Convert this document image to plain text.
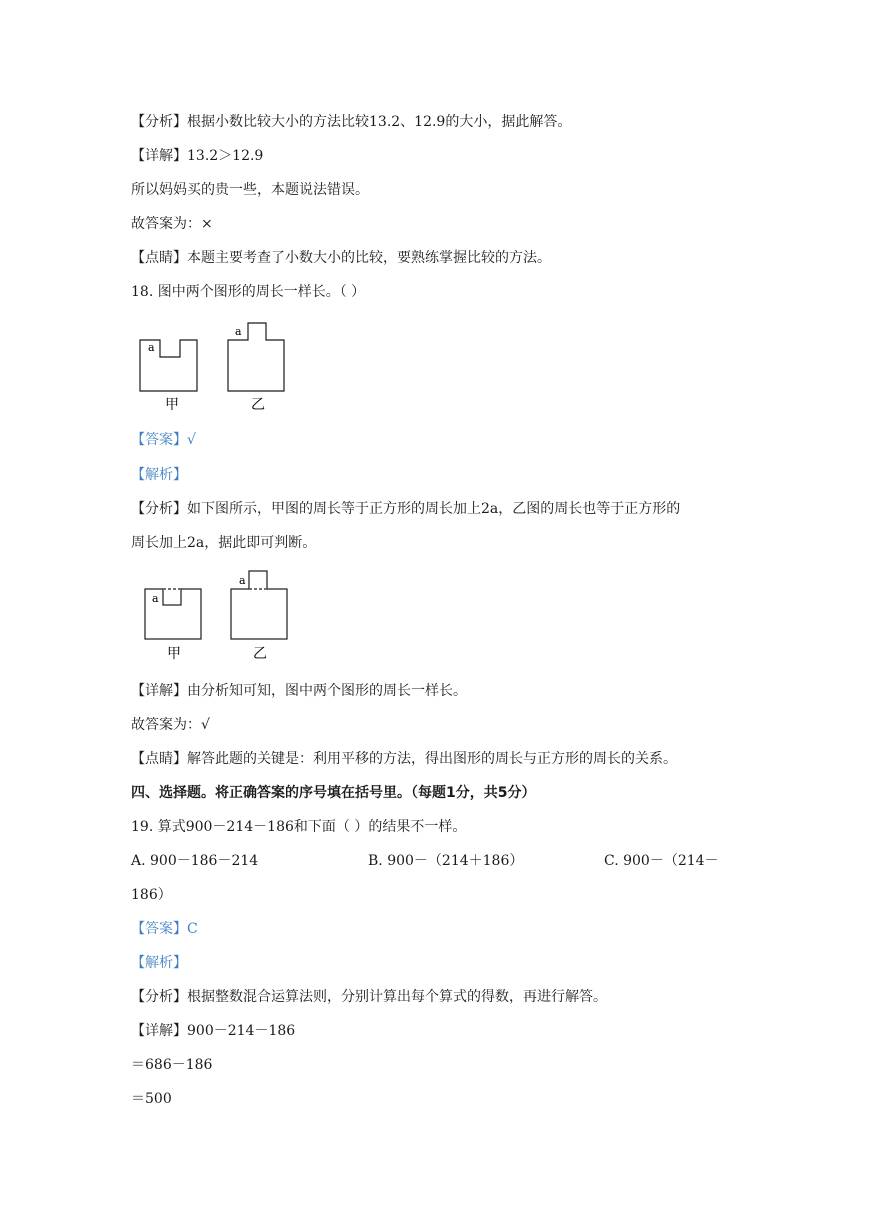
【分析】根据小数比较大小的方法比较13.2、12.9的大小，据此解答。
【详解】13.2＞12.9
所以妈妈买的贵一些，本题说法错误。
故答案为：×
【点睛】本题主要考查了小数大小的比较，要熟练掌握比较的方法。
18. 图中两个图形的周长一样长。（ ）
a
a
甲	乙
【答案】√
【解析】
【分析】如下图所示，甲图的周长等于正方形的周长加上2a，乙图的周长也等于正方形的
周长加上2a，据此即可判断。
a
a
甲	乙
【详解】由分析知可知，图中两个图形的周长一样长。
故答案为：√
【点睛】解答此题的关键是：利用平移的方法，得出图形的周长与正方形的周长的关系。
四、选择题。将正确答案的序号填在括号里。（每题1分，共5分）
19. 算式900－214－186和下面（ ）的结果不一样。
A. 900－186－214	B. 900－（214＋186）	C. 900－（214－
186）
【答案】C
【解析】
【分析】根据整数混合运算法则，分别计算出每个算式的得数，再进行解答。
【详解】900－214－186
＝686－186
＝500
